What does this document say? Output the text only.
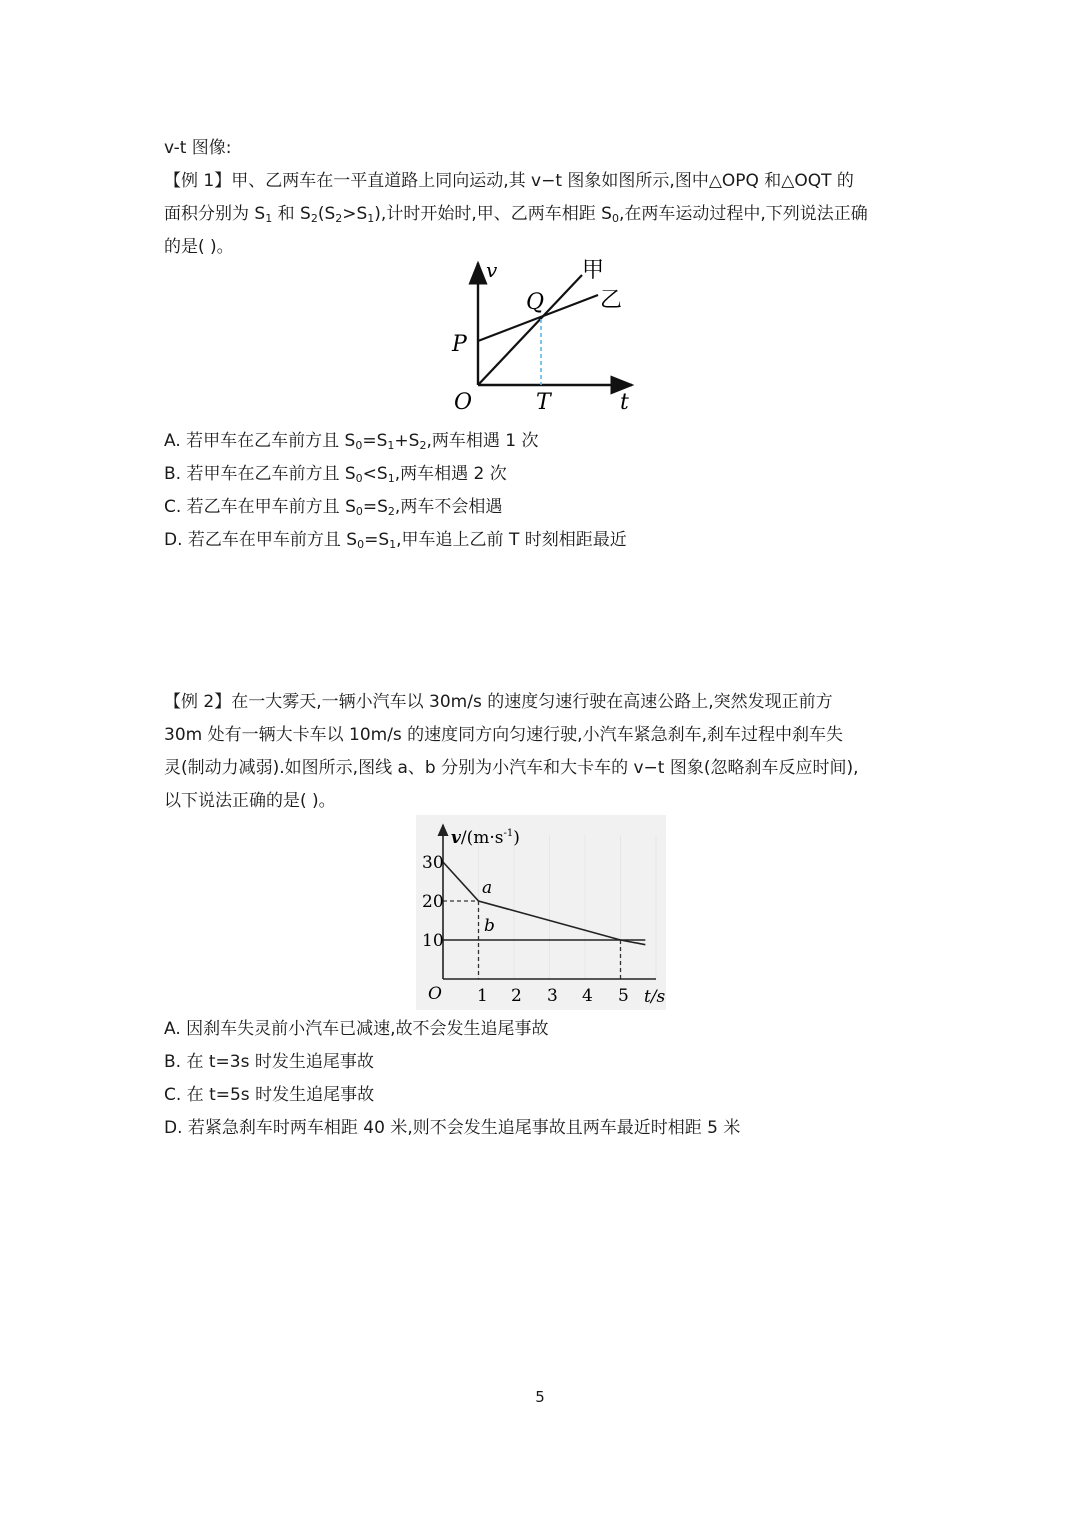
v-t 图像:
【例 1】甲、乙两车在一平直道路上同向运动,其 v−t 图象如图所示,图中△OPQ 和△OQT 的
面积分别为 $S_1$ 和 $S_2(S_2>S_1)$,计时开始时,甲、乙两车相距 $S_0$,在两车运动过程中,下列说法正确
的是( )。
v
t
O
P
Q
T
甲
乙
A. 若甲车在乙车前方且 $S_0=S_1+S_2$,两车相遇 1 次
B. 若甲车在乙车前方且 $S_0<S_1$,两车相遇 2 次
C. 若乙车在甲车前方且 $S_0=S_2$,两车不会相遇
D. 若乙车在甲车前方且 $S_0=S_1$,甲车追上乙前 T 时刻相距最近
【例 2】在一大雾天,一辆小汽车以 30m/s 的速度匀速行驶在高速公路上,突然发现正前方
30m 处有一辆大卡车以 10m/s 的速度同方向匀速行驶,小汽车紧急刹车,刹车过程中刹车失
灵(制动力减弱).如图所示,图线 a、b 分别为小汽车和大卡车的 v−t 图象(忽略刹车反应时间),
以下说法正确的是( )。
$v/(m\cdot s^{-1})$
t/s
O
a
b
30
20
10
1 2 3 4 5
A. 因刹车失灵前小汽车已减速,故不会发生追尾事故
B. 在 t=3s 时发生追尾事故
C. 在 t=5s 时发生追尾事故
D. 若紧急刹车时两车相距 40 米,则不会发生追尾事故且两车最近时相距 5 米
5
